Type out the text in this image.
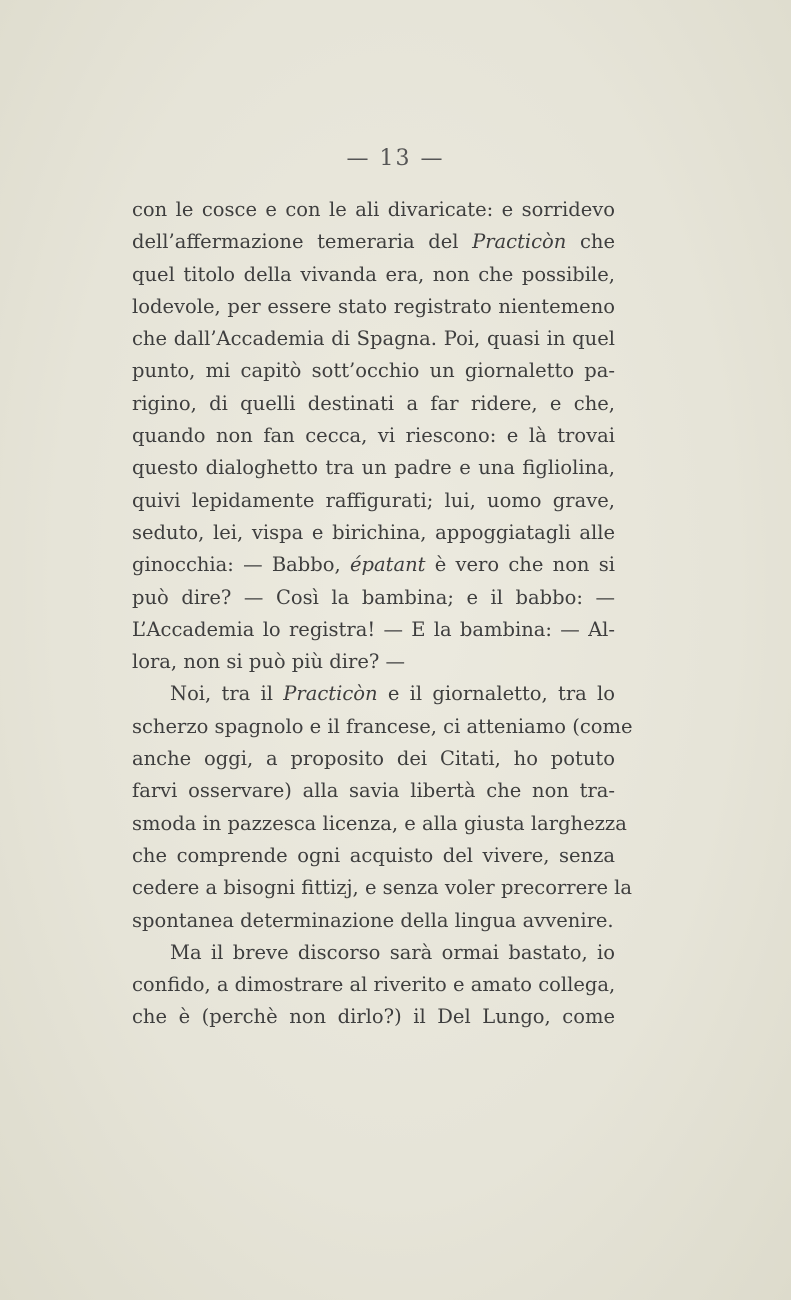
— 13 —
con le cosce e con le ali divaricate: e sorridevo
dell’affermazione temeraria del Practicòn che
quel titolo della vivanda era, non che possibile,
lodevole, per essere stato registrato nientemeno
che dall’Accademia di Spagna. Poi, quasi in quel
punto, mi capitò sott’occhio un giornaletto pa-
rigino, di quelli destinati a far ridere, e che,
quando non fan cecca, vi riescono: e là trovai
questo dialoghetto tra un padre e una figliolina,
quivi lepidamente raffigurati; lui, uomo grave,
seduto, lei, vispa e birichina, appoggiatagli alle
ginocchia: — Babbo, épatant è vero che non si
può dire? — Così la bambina; e il babbo: —
L’Accademia lo registra! — E la bambina: — Al-
lora, non si può più dire? —
Noi, tra il Practicòn e il giornaletto, tra lo
scherzo spagnolo e il francese, ci atteniamo (come
anche oggi, a proposito dei Citati, ho potuto
farvi osservare) alla savia libertà che non tra-
smoda in pazzesca licenza, e alla giusta larghezza
che comprende ogni acquisto del vivere, senza
cedere a bisogni fittizj, e senza voler precorrere la
spontanea determinazione della lingua avvenire.
Ma il breve discorso sarà ormai bastato, io
confido, a dimostrare al riverito e amato collega,
che è (perchè non dirlo?) il Del Lungo, come
